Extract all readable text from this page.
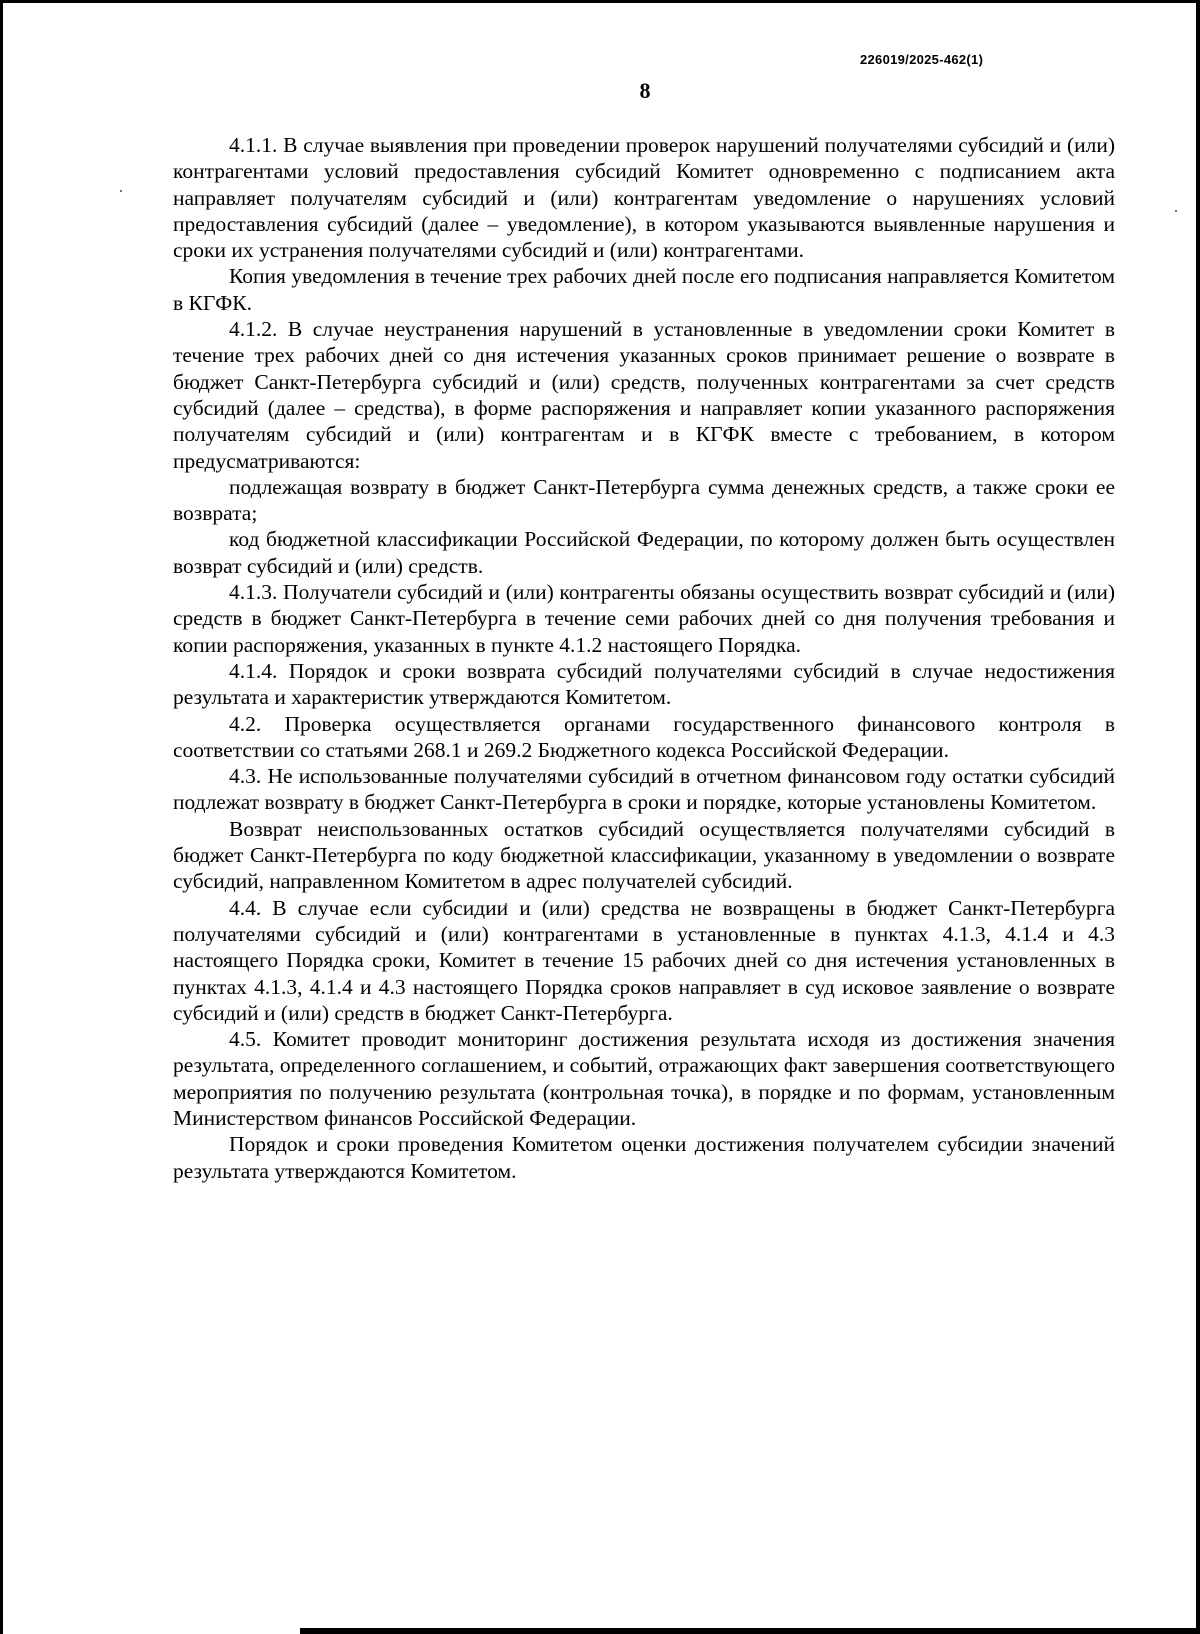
226019/2025-462(1)
8

4.1.1. В случае выявления при проведении проверок нарушений получателями субсидий и (или) контрагентами условий предоставления субсидий Комитет одновременно с подписанием акта направляет получателям субсидий и (или) контрагентам уведомление о нарушениях условий предоставления субсидий (далее – уведомление), в котором указываются выявленные нарушения и сроки их устранения получателями субсидий и (или) контрагентами.

Копия уведомления в течение трех рабочих дней после его подписания направляется Комитетом в КГФК.

4.1.2. В случае неустранения нарушений в установленные в уведомлении сроки Комитет в течение трех рабочих дней со дня истечения указанных сроков принимает решение о возврате в бюджет Санкт-Петербурга субсидий и (или) средств, полученных контрагентами за счет средств субсидий (далее – средства), в форме распоряжения и направляет копии указанного распоряжения получателям субсидий и (или) контрагентам и в КГФК вместе с требованием, в котором предусматриваются:

подлежащая возврату в бюджет Санкт-Петербурга сумма денежных средств, а также сроки ее возврата;

код бюджетной классификации Российской Федерации, по которому должен быть осуществлен возврат субсидий и (или) средств.

4.1.3. Получатели субсидий и (или) контрагенты обязаны осуществить возврат субсидий и (или) средств в бюджет Санкт-Петербурга в течение семи рабочих дней со дня получения требования и копии распоряжения, указанных в пункте 4.1.2 настоящего Порядка.

4.1.4. Порядок и сроки возврата субсидий получателями субсидий в случае недостижения результата и характеристик утверждаются Комитетом.

4.2. Проверка осуществляется органами государственного финансового контроля в соответствии со статьями 268.1 и 269.2 Бюджетного кодекса Российской Федерации.

4.3. Не использованные получателями субсидий в отчетном финансовом году остатки субсидий подлежат возврату в бюджет Санкт-Петербурга в сроки и порядке, которые установлены Комитетом.

Возврат неиспользованных остатков субсидий осуществляется получателями субсидий в бюджет Санкт-Петербурга по коду бюджетной классификации, указанному в уведомлении о возврате субсидий, направленном Комитетом в адрес получателей субсидий.

4.4. В случае если субсидии и (или) средства не возвращены в бюджет Санкт-Петербурга получателями субсидий и (или) контрагентами в установленные в пунктах 4.1.3, 4.1.4 и 4.3 настоящего Порядка сроки, Комитет в течение 15 рабочих дней со дня истечения установленных в пунктах 4.1.3, 4.1.4 и 4.3 настоящего Порядка сроков направляет в суд исковое заявление о возврате субсидий и (или) средств в бюджет Санкт-Петербурга.

4.5. Комитет проводит мониторинг достижения результата исходя из достижения значения результата, определенного соглашением, и событий, отражающих факт завершения соответствующего мероприятия по получению результата (контрольная точка), в порядке и по формам, установленным Министерством финансов Российской Федерации.

Порядок и сроки проведения Комитетом оценки достижения получателем субсидии значений результата утверждаются Комитетом.
